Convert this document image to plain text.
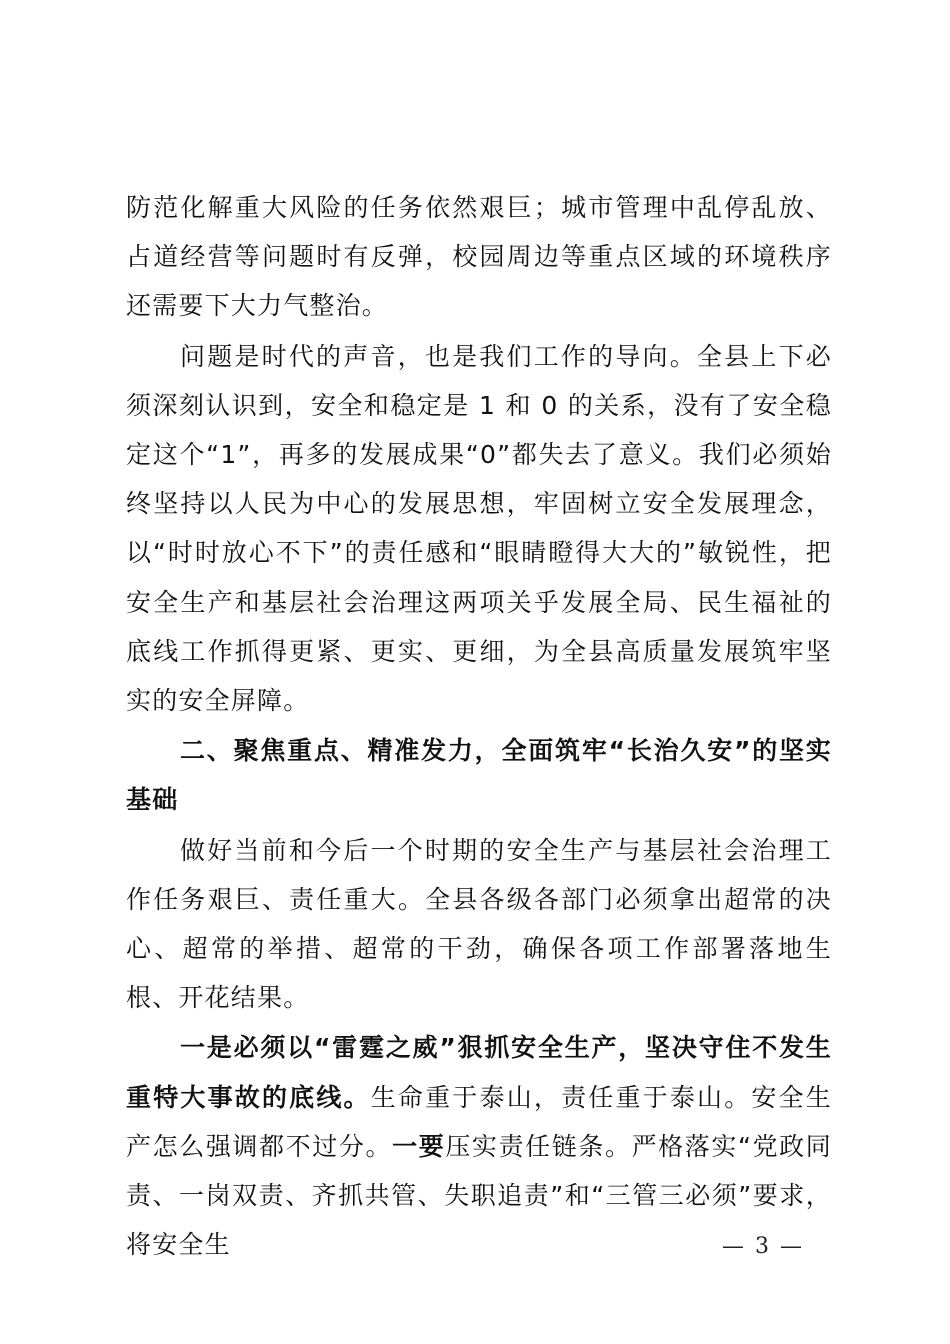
防范化解重大风险的任务依然艰巨；城市管理中乱停乱放、占道经营等问题时有反弹，校园周边等重点区域的环境秩序还需要下大力气整治。

问题是时代的声音，也是我们工作的导向。全县上下必须深刻认识到，安全和稳定是 1 和 0 的关系，没有了安全稳定这个“1”，再多的发展成果“0”都失去了意义。我们必须始终坚持以人民为中心的发展思想，牢固树立安全发展理念，以“时时放心不下”的责任感和“眼睛瞪得大大的”敏锐性，把安全生产和基层社会治理这两项关乎发展全局、民生福祉的底线工作抓得更紧、更实、更细，为全县高质量发展筑牢坚实的安全屏障。

二、聚焦重点、精准发力，全面筑牢“长治久安”的坚实基础

做好当前和今后一个时期的安全生产与基层社会治理工作任务艰巨、责任重大。全县各级各部门必须拿出超常的决心、超常的举措、超常的干劲，确保各项工作部署落地生根、开花结果。

一是必须以“雷霆之威”狠抓安全生产，坚决守住不发生重特大事故的底线。生命重于泰山，责任重于泰山。安全生产怎么强调都不过分。一要压实责任链条。严格落实“党政同责、一岗双责、齐抓共管、失职追责”和“三管三必须”要求，将安全生	— 3 —
